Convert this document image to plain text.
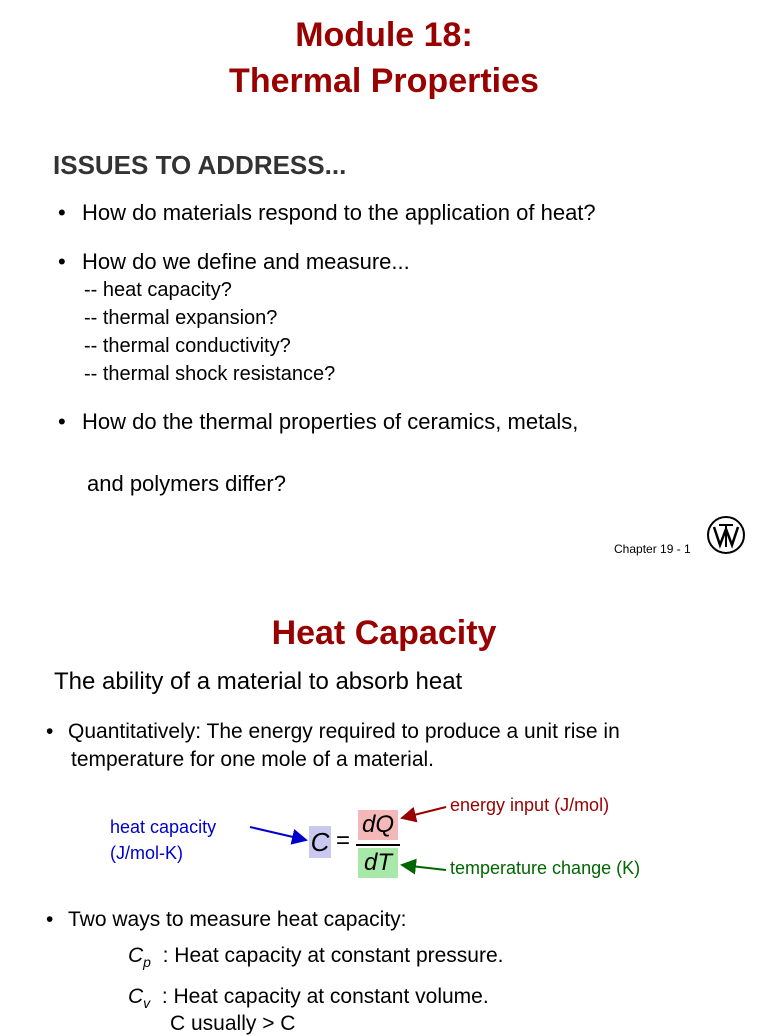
Module 18:
Thermal Properties
ISSUES TO ADDRESS...
• How do materials respond to the application of heat?
• How do we define and measure...
-- heat capacity?
-- thermal expansion?
-- thermal conductivity?
-- thermal shock resistance?
• How do the thermal properties of ceramics, metals,
and polymers differ?
Chapter 19 - 1
Heat Capacity
The ability of a material to absorb heat
• Quantitatively: The energy required to produce a unit rise in
temperature for one mole of a material.
heat capacity
(J/mol-K)
energy input (J/mol)
temperature change (K)
C =
dQ
dT
• Two ways to measure heat capacity:
$C_p$ : Heat capacity at constant pressure.
$C_v$ : Heat capacity at constant volume.
C usually > C
